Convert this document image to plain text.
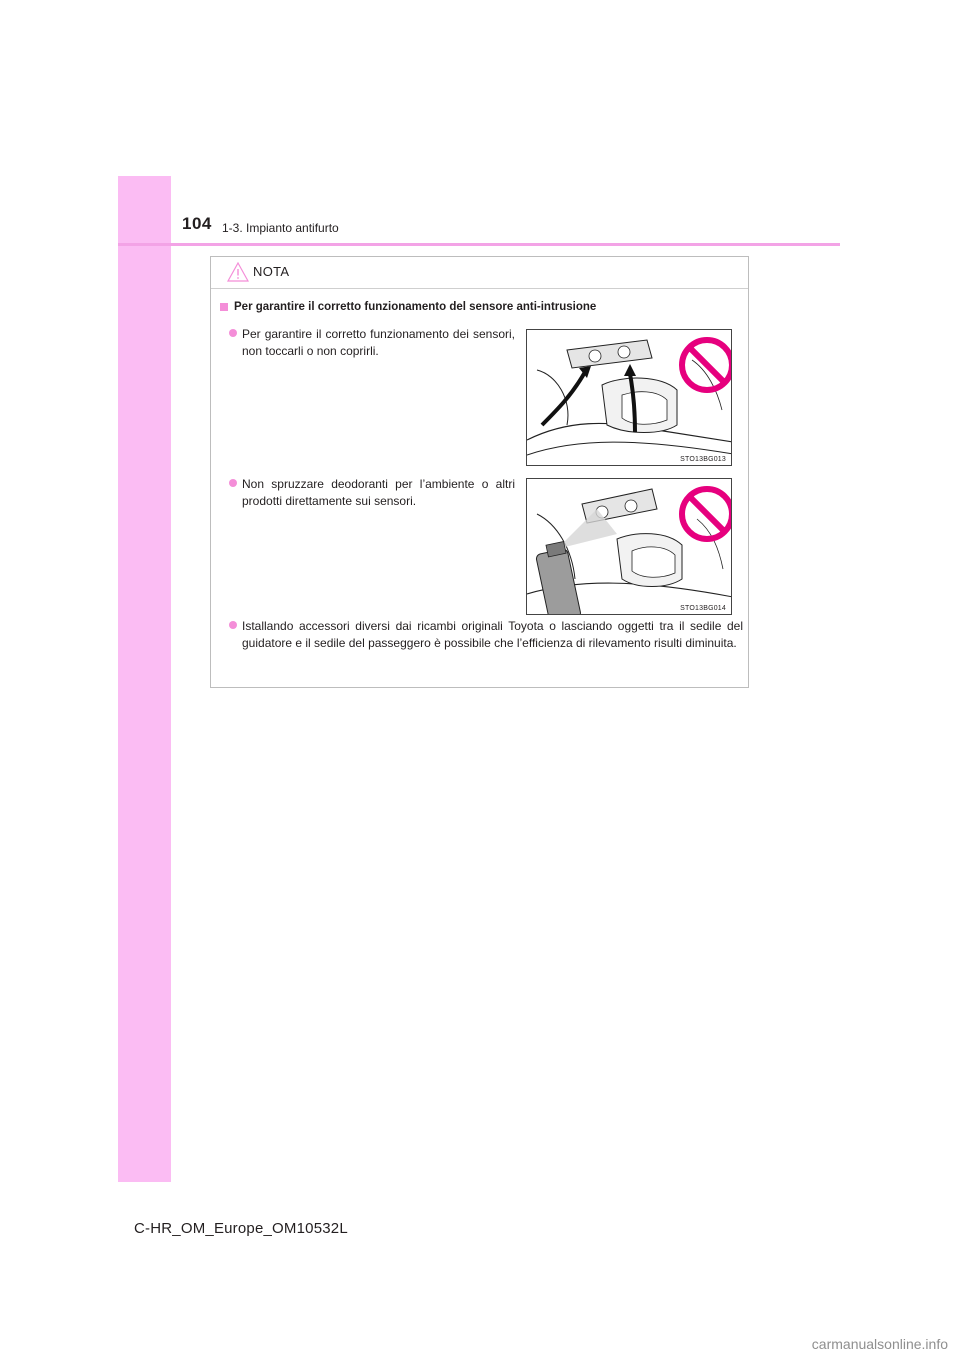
104 1-3. Impianto antifurto
NOTA
Per garantire il corretto funzionamento del sensore anti-intrusione
Per garantire il corretto funzionamento dei sensori, non toccarli o non coprirli.
STO13BG013
Non spruzzare deodoranti per l’ambiente o altri prodotti direttamente sui sensori.
STO13BG014
Istallando accessori diversi dai ricambi originali Toyota o lasciando oggetti tra il sedile del guidatore e il sedile del passeggero è possibile che l’efficienza di rilevamento risulti diminuita.
C-HR_OM_Europe_OM10532L
carmanualsonline.info
